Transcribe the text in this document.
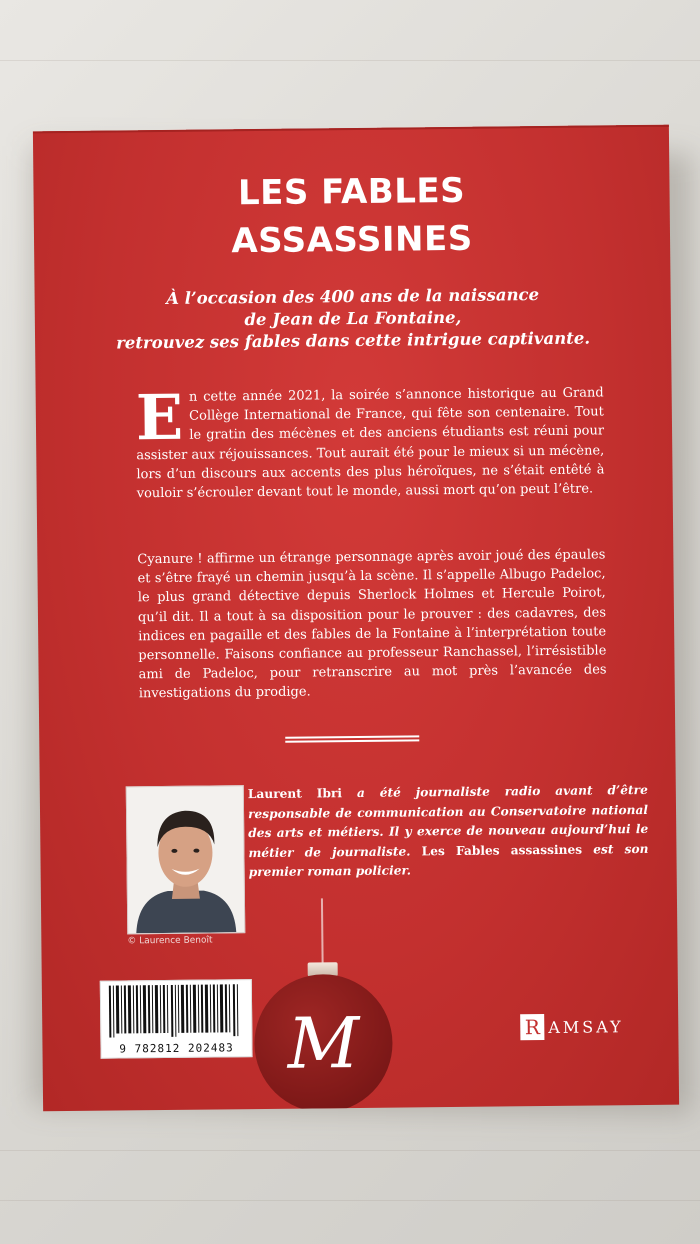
LES FABLES
ASSASSINES
À l’occasion des 400 ans de la naissance
de Jean de La Fontaine,
retrouvez ses fables dans cette intrigue captivante.
En cette année 2021, la soirée s’annonce historique au Grand Collège International de France, qui fête son centenaire. Tout le gratin des mécènes et des anciens étudiants est réuni pour assister aux réjouissances. Tout aurait été pour le mieux si un mécène, lors d’un discours aux accents des plus héroïques, ne s’était entêté à vouloir s’écrouler devant tout le monde, aussi mort qu’on peut l’être.
Cyanure ! affirme un étrange personnage après avoir joué des épaules et s’être frayé un chemin jusqu’à la scène. Il s’appelle Albugo Padeloc, le plus grand détective depuis Sherlock Holmes et Hercule Poirot, qu’il dit. Il a tout à sa disposition pour le prouver : des cadavres, des indices en pagaille et des fables de la Fontaine à l’interprétation toute personnelle. Faisons confiance au professeur Ranchassel, l’irrésistible ami de Padeloc, pour retranscrire au mot près l’avancée des investigations du prodige.
© Laurence Benoît
Laurent Ibri a été journaliste radio avant d’être responsable de communication au Conservatoire national des arts et métiers. Il y exerce de nouveau aujourd’hui le métier de journaliste. Les Fables assassines est son premier roman policier.
9 782812 202483 M	R AMSAY
